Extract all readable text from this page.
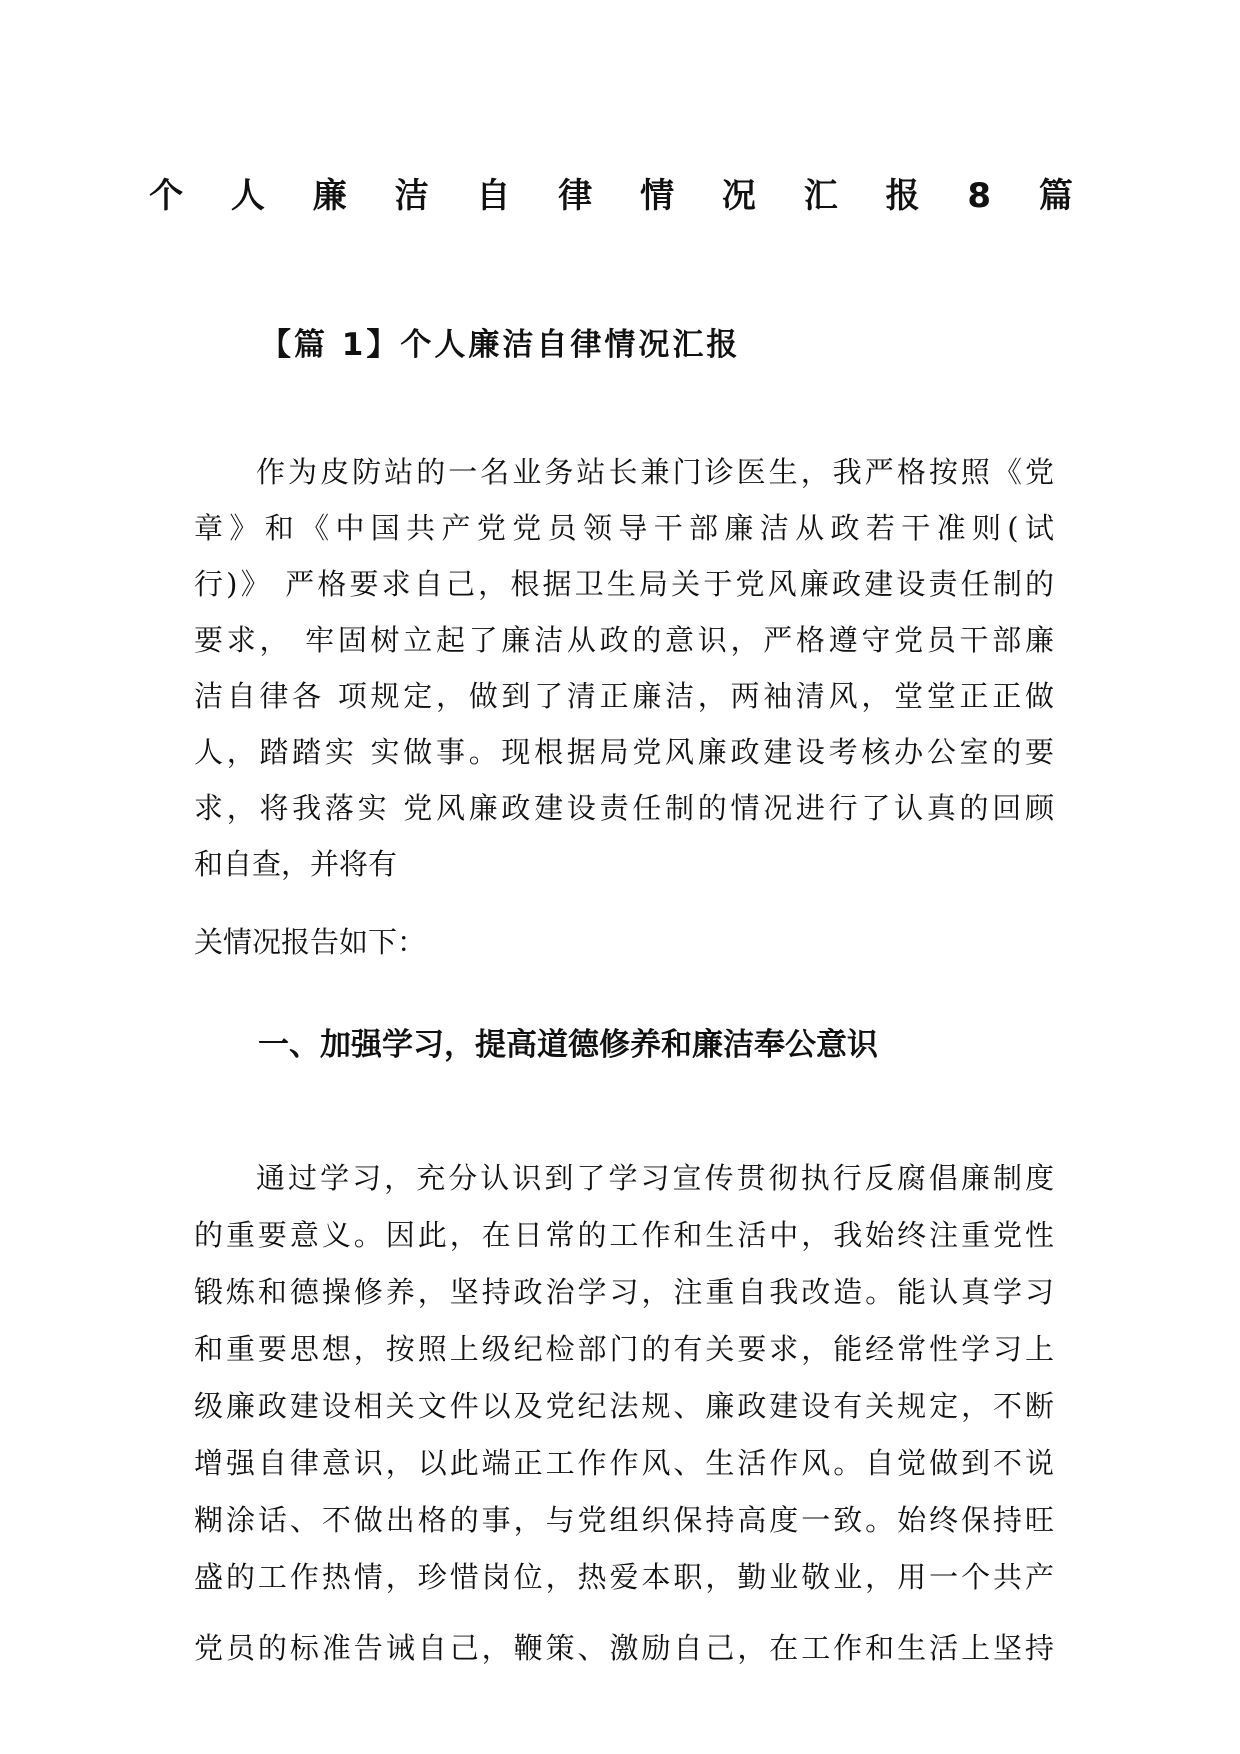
个 人 廉 洁 自 律 情 况 汇 报 8 篇
【篇 1】个人廉洁自律情况汇报
作为皮防站的一名业务站长兼门诊医生，我严格按照《党
章》和《中国共产党党员领导干部廉洁从政若干准则(试
行)》 严格要求自己，根据卫生局关于党风廉政建设责任制的
要求， 牢固树立起了廉洁从政的意识，严格遵守党员干部廉
洁自律各 项规定，做到了清正廉洁，两袖清风，堂堂正正做
人，踏踏实 实做事。现根据局党风廉政建设考核办公室的要
求，将我落实 党风廉政建设责任制的情况进行了认真的回顾
和自查，并将有
关情况报告如下：
一、加强学习，提高道德修养和廉洁奉公意识
通过学习，充分认识到了学习宣传贯彻执行反腐倡廉制度
的重要意义。因此，在日常的工作和生活中，我始终注重党性
锻炼和德操修养，坚持政治学习，注重自我改造。能认真学习
和重要思想，按照上级纪检部门的有关要求，能经常性学习上
级廉政建设相关文件以及党纪法规、廉政建设有关规定，不断
增强自律意识，以此端正工作作风、生活作风。自觉做到不说
糊涂话、不做出格的事，与党组织保持高度一致。始终保持旺
盛的工作热情，珍惜岗位，热爱本职，勤业敬业，用一个共产
党员的标准告诫自己，鞭策、激励自己，在工作和生活上坚持
